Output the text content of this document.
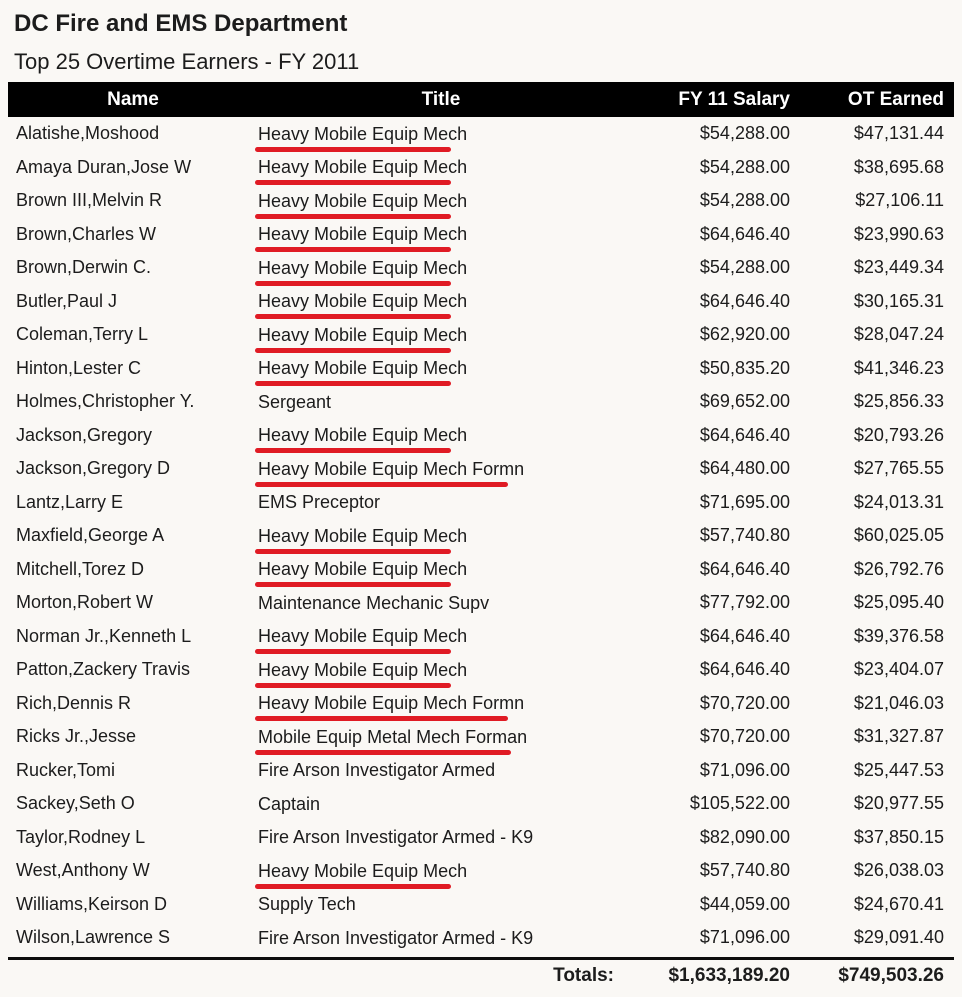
DC Fire and EMS Department
Top 25 Overtime Earners - FY 2011
Name	Title	FY 11 Salary	OT Earned
Alatishe,Moshood	Heavy Mobile Equip Mech	$54,288.00	$47,131.44
Amaya Duran,Jose W	Heavy Mobile Equip Mech	$54,288.00	$38,695.68
Brown III,Melvin R	Heavy Mobile Equip Mech	$54,288.00	$27,106.11
Brown,Charles W	Heavy Mobile Equip Mech	$64,646.40	$23,990.63
Brown,Derwin C.	Heavy Mobile Equip Mech	$54,288.00	$23,449.34
Butler,Paul J	Heavy Mobile Equip Mech	$64,646.40	$30,165.31
Coleman,Terry L	Heavy Mobile Equip Mech	$62,920.00	$28,047.24
Hinton,Lester C	Heavy Mobile Equip Mech	$50,835.20	$41,346.23
Holmes,Christopher Y.	Sergeant	$69,652.00	$25,856.33
Jackson,Gregory	Heavy Mobile Equip Mech	$64,646.40	$20,793.26
Jackson,Gregory D	Heavy Mobile Equip Mech Formn	$64,480.00	$27,765.55
Lantz,Larry E	EMS Preceptor	$71,695.00	$24,013.31
Maxfield,George A	Heavy Mobile Equip Mech	$57,740.80	$60,025.05
Mitchell,Torez D	Heavy Mobile Equip Mech	$64,646.40	$26,792.76
Morton,Robert W	Maintenance Mechanic Supv	$77,792.00	$25,095.40
Norman Jr.,Kenneth L	Heavy Mobile Equip Mech	$64,646.40	$39,376.58
Patton,Zackery Travis	Heavy Mobile Equip Mech	$64,646.40	$23,404.07
Rich,Dennis R	Heavy Mobile Equip Mech Formn	$70,720.00	$21,046.03
Ricks Jr.,Jesse	Mobile Equip Metal Mech Forman	$70,720.00	$31,327.87
Rucker,Tomi	Fire Arson Investigator Armed	$71,096.00	$25,447.53
Sackey,Seth O	Captain	$105,522.00	$20,977.55
Taylor,Rodney L	Fire Arson Investigator Armed - K9	$82,090.00	$37,850.15
West,Anthony W	Heavy Mobile Equip Mech	$57,740.80	$26,038.03
Williams,Keirson D	Supply Tech	$44,059.00	$24,670.41
Wilson,Lawrence S	Fire Arson Investigator Armed - K9	$71,096.00	$29,091.40
Totals:	$1,633,189.20	$749,503.26
